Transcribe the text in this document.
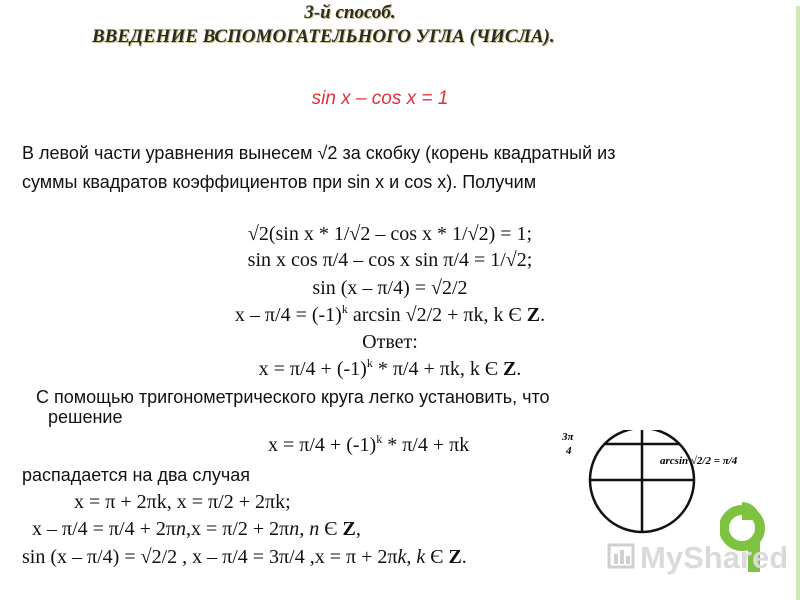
3-й способ.
ВВЕДЕНИЕ ВСПОМОГАТЕЛЬНОГО УГЛА (ЧИСЛА).
sin x – cos x = 1
В левой части уравнения вынесем √2 за скобку (корень квадратный из
суммы квадратов коэффициентов при sin x и cos x). Получим
√2(sin x * 1/√2 – cos x * 1/√2) = 1;
sin x cos π/4 – cos x sin π/4 = 1/√2;
sin (x – π/4) = √2/2
$x - \pi/4 = (-1)^k$ arcsin √2/2 + πk, k Є Z.
Ответ:
$x = \pi/4 + (-1)^k * \pi/4 + \pi k$, k Є Z.
С помощью тригонометрического круга легко установить, что
решение
$x = \pi/4 + (-1)^k * \pi/4 + \pi k$
распадается на два случая
x = π + 2πk, x = π/2 + 2πk;
x – π/4 = π/4 + 2πn,x = π/2 + 2πn, n Є Z,
sin (x – π/4) = √2/2 , x – π/4 = 3π/4 ,x = π + 2πk, k Є Z.
3π
4
arcsin √2/2 = π/4
MyShared
